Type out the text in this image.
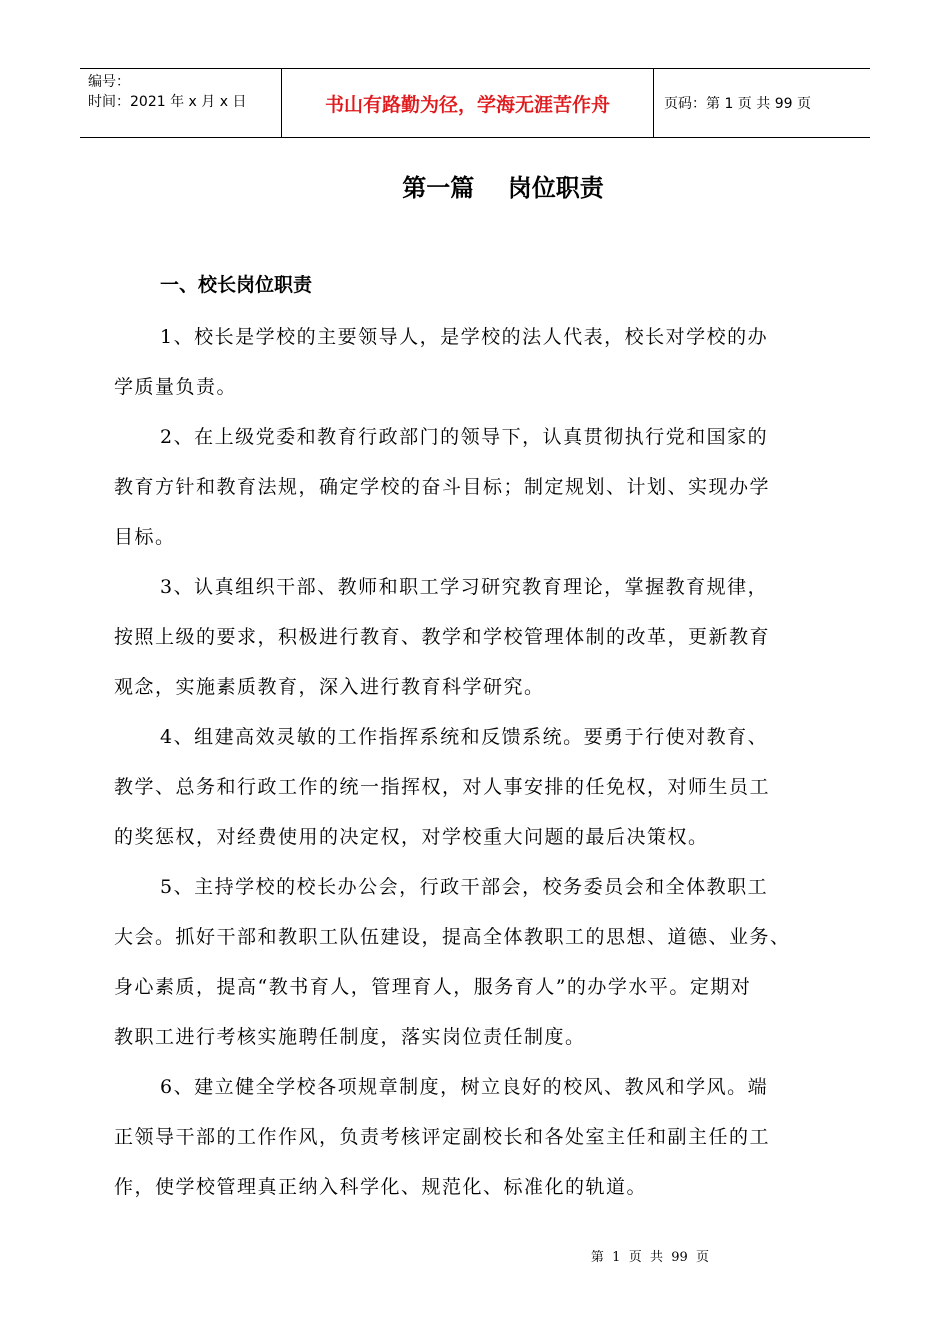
编号：
时间：2021 年 x 月 x 日	书山有路勤为径，学海无涯苦作舟	页码：第 1 页 共 99 页
第一篇    岗位职责
一、校长岗位职责
1、校长是学校的主要领导人，是学校的法人代表，校长对学校的办
学质量负责。
2、在上级党委和教育行政部门的领导下，认真贯彻执行党和国家的
教育方针和教育法规，确定学校的奋斗目标；制定规划、计划、实现办学
目标。
3、认真组织干部、教师和职工学习研究教育理论，掌握教育规律，
按照上级的要求，积极进行教育、教学和学校管理体制的改革，更新教育
观念，实施素质教育，深入进行教育科学研究。
4、组建高效灵敏的工作指挥系统和反馈系统。要勇于行使对教育、
教学、总务和行政工作的统一指挥权，对人事安排的任免权，对师生员工
的奖惩权，对经费使用的决定权，对学校重大问题的最后决策权。
5、主持学校的校长办公会，行政干部会，校务委员会和全体教职工
大会。抓好干部和教职工队伍建设，提高全体教职工的思想、道德、业务、
身心素质，提高“教书育人，管理育人，服务育人”的办学水平。定期对
教职工进行考核实施聘任制度，落实岗位责任制度。
6、建立健全学校各项规章制度，树立良好的校风、教风和学风。端
正领导干部的工作作风，负责考核评定副校长和各处室主任和副主任的工
作，使学校管理真正纳入科学化、规范化、标准化的轨道。
第  1  页  共  99  页
